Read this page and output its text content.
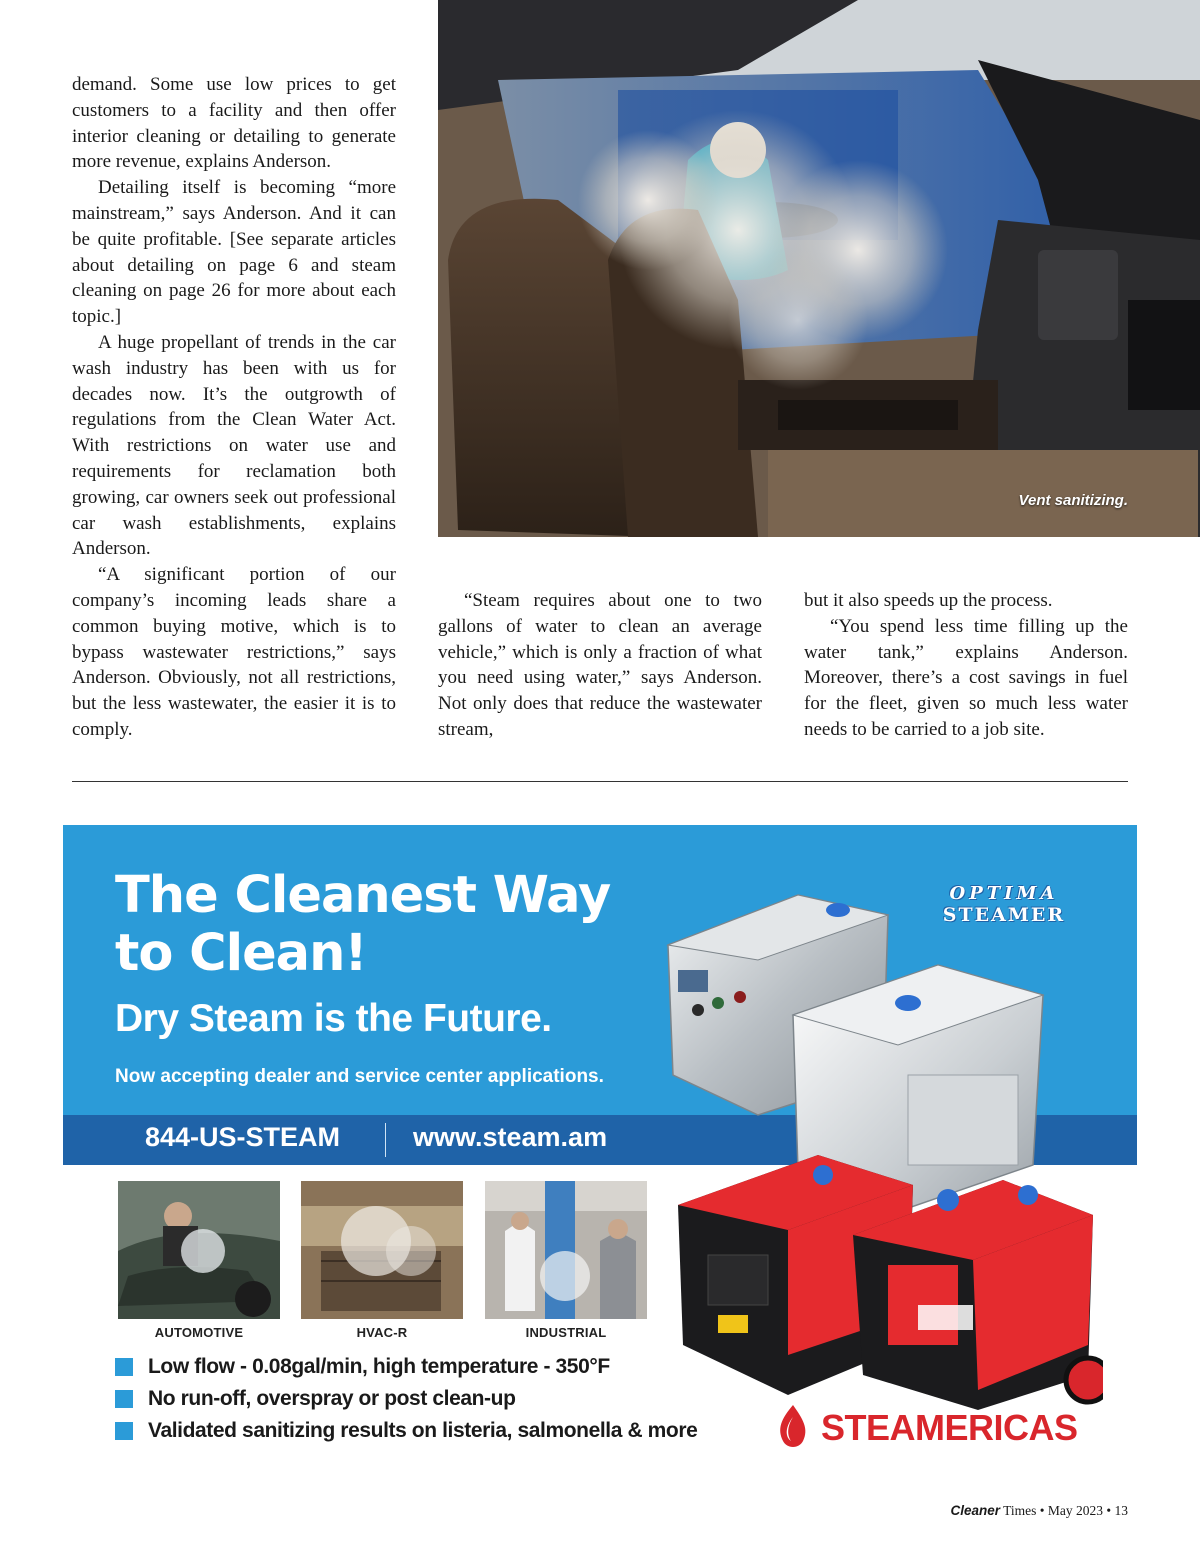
demand. Some use low prices to get customers to a facility and then offer interior cleaning or detailing to generate more revenue, explains Anderson.

Detailing itself is becoming “more mainstream,” says Anderson. And it can be quite profitable. [See separate articles about detailing on page 6 and steam cleaning on page 26 for more about each topic.]

A huge propellant of trends in the car wash industry has been with us for decades now. It’s the outgrowth of regulations from the Clean Water Act. With restrictions on water use and requirements for reclamation both growing, car owners seek out professional car wash establishments, explains Anderson.

“A significant portion of our company’s incoming leads share a common buying motive, which is to bypass wastewater restrictions,” says Anderson. Obviously, not all restrictions, but the less wastewater, the easier it is to comply.

Vent sanitizing.

“Steam requires about one to two gallons of water to clean an average vehicle,” which is only a fraction of what you need using water,” says Anderson. Not only does that reduce the wastewater stream,

but it also speeds up the process.

“You spend less time filling up the water tank,” explains Anderson. Moreover, there’s a cost savings in fuel for the fleet, given so much less water needs to be carried to a job site.

The Cleanest Way to Clean!

Dry Steam is the Future.

Now accepting dealer and service center applications.

844-US-STEAM	www.steam.am
OPTIMA
STEAMER
AUTOMOTIVE	HVAC-R	INDUSTRIAL
Low flow - 0.08gal/min, high temperature - 350°F
No run-off, overspray or post clean-up
Validated sanitizing results on listeria, salmonella & more	STEAMERICAS
Cleaner Times • May 2023 • 13
